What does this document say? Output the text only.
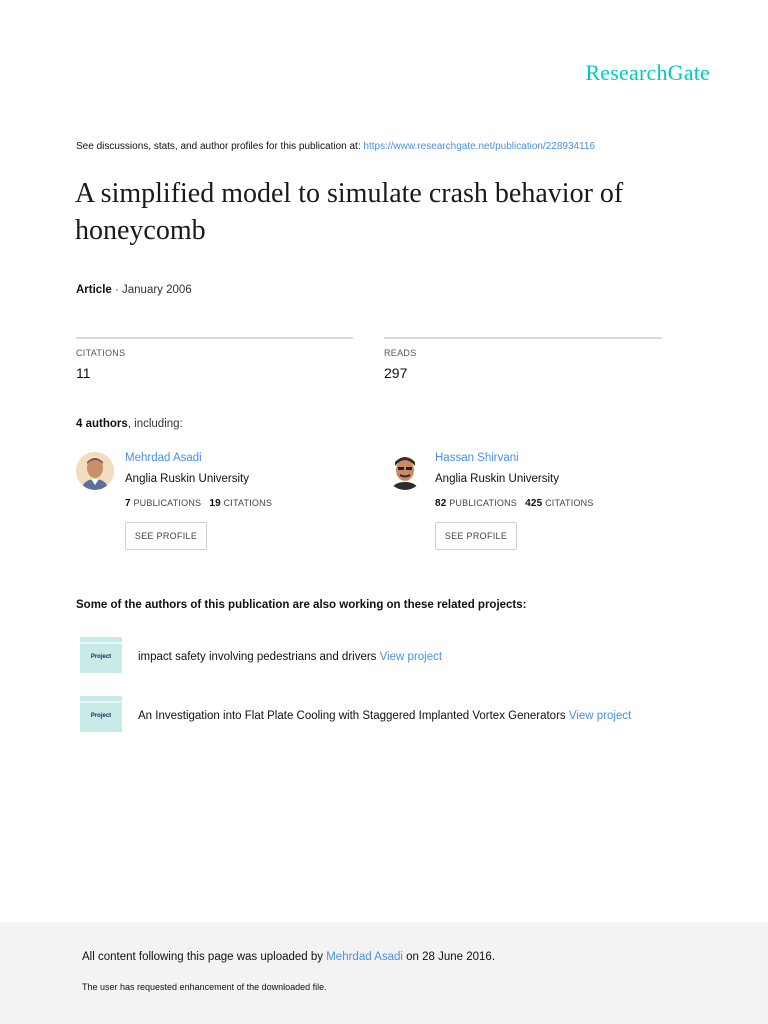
ResearchGate
See discussions, stats, and author profiles for this publication at: https://www.researchgate.net/publication/228934116
A simplified model to simulate crash behavior of honeycomb
Article · January 2006
CITATIONS
11
READS
297
4 authors, including:
Mehrdad Asadi
Anglia Ruskin University
7 PUBLICATIONS 19 CITATIONS
SEE PROFILE
Hassan Shirvani
Anglia Ruskin University
82 PUBLICATIONS 425 CITATIONS
SEE PROFILE
Some of the authors of this publication are also working on these related projects:
Project	impact safety involving pedestrians and drivers View project
Project	An Investigation into Flat Plate Cooling with Staggered Implanted Vortex Generators View project
All content following this page was uploaded by Mehrdad Asadi on 28 June 2016.
The user has requested enhancement of the downloaded file.
